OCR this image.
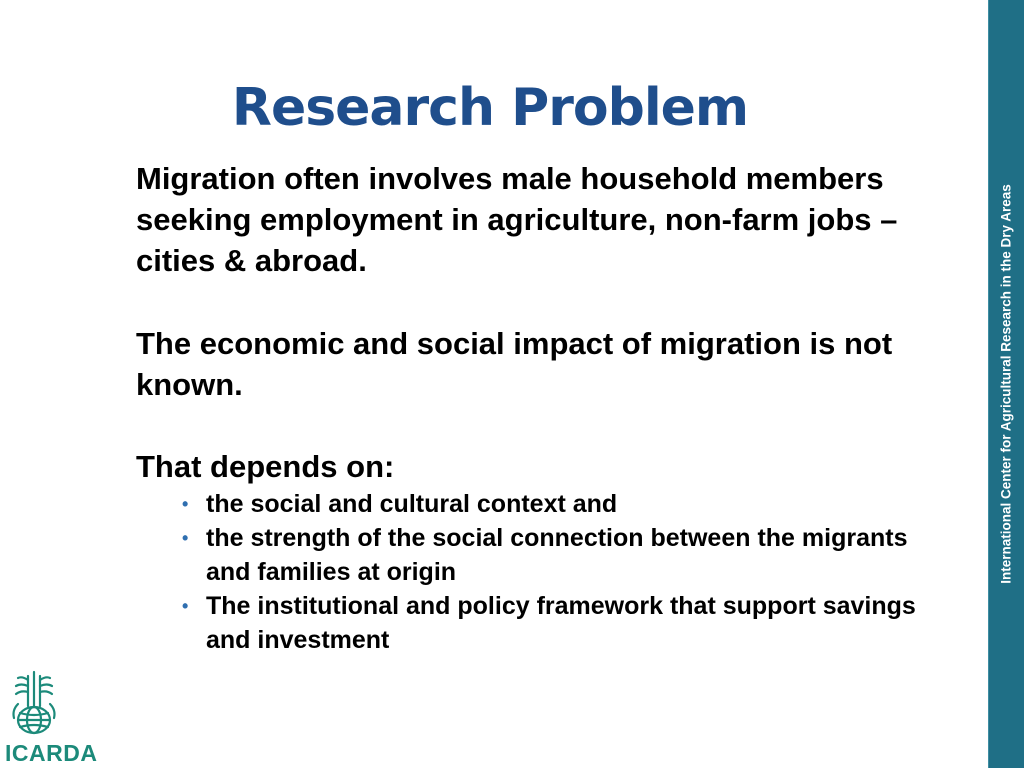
Research Problem

Migration often involves male household members seeking employment in agriculture, non-farm jobs – cities & abroad.

The economic and social impact of migration is not known.

That depends on:

• the social and cultural context and
• the strength of the social connection between the migrants and families at origin
• The institutional and policy framework that support savings and investment
International Center for Agricultural Research in the Dry Areas
ICARDA
